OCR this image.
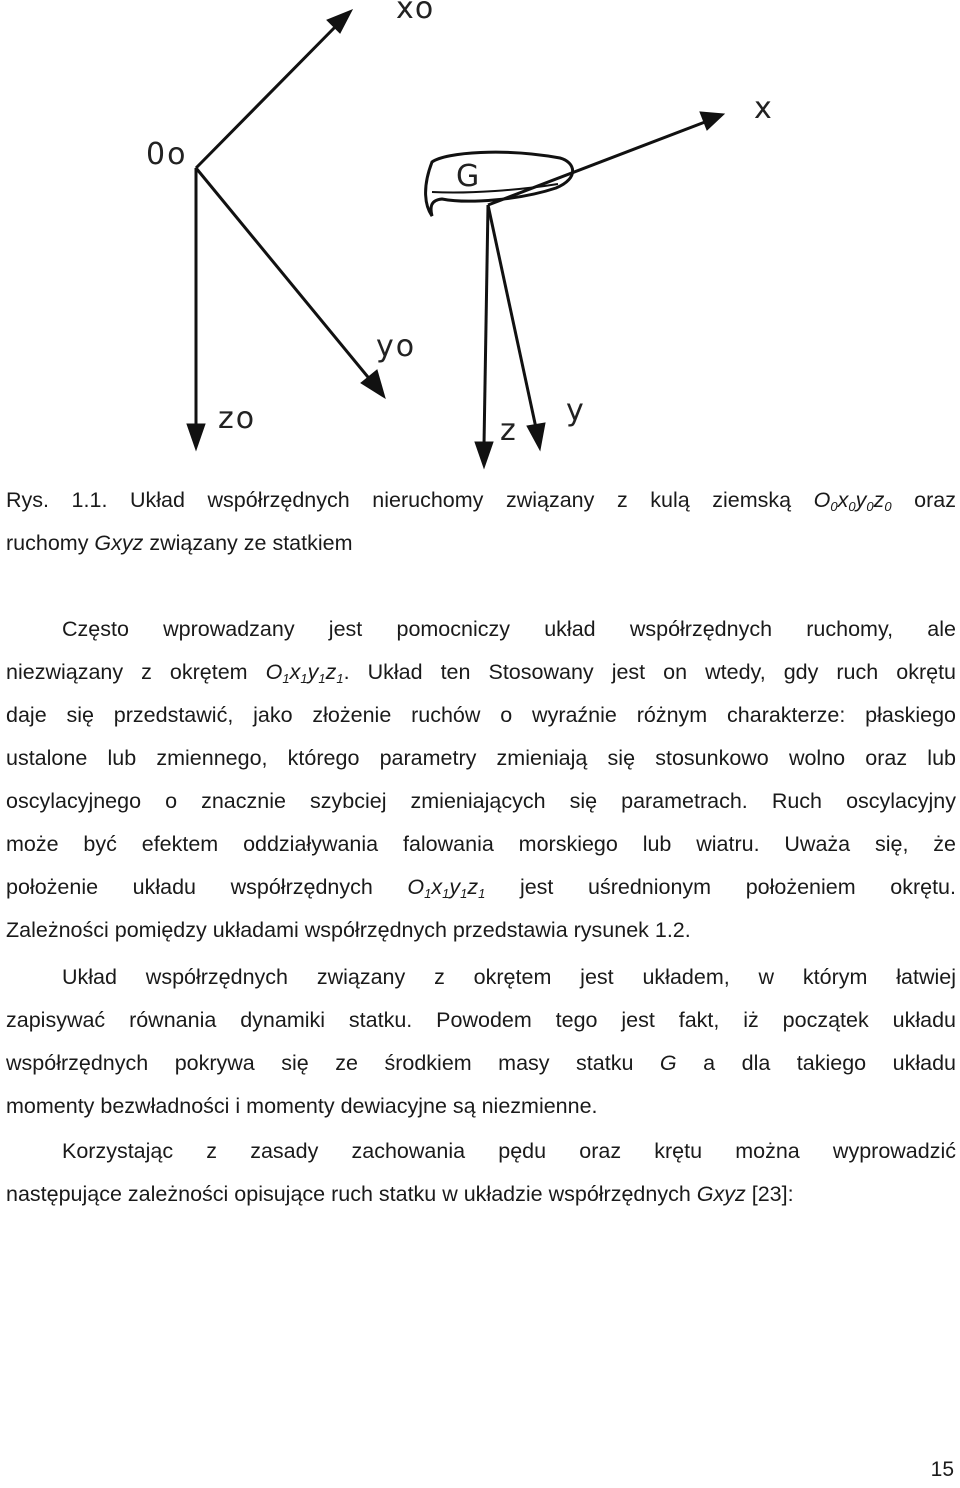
xo
0o
yo
zo
G
x
z
y
Rys. 1.1. Układ współrzędnych nieruchomy związany z kulą ziemską $O_0x_0y_0z_0$ oraz
ruchomy Gxyz związany ze statkiem
Często wprowadzany jest pomocniczy układ współrzędnych ruchomy, ale
niezwiązany z okrętem $O_1x_1y_1z_1$. Układ ten Stosowany jest on wtedy, gdy ruch okrętu
daje się przedstawić, jako złożenie ruchów o wyraźnie różnym charakterze: płaskiego
ustalone lub zmiennego, którego parametry zmieniają się stosunkowo wolno oraz lub
oscylacyjnego o znacznie szybciej zmieniających się parametrach. Ruch oscylacyjny
może być efektem oddziaływania falowania morskiego lub wiatru. Uważa się, że
położenie układu współrzędnych $O_1x_1y_1z_1$ jest uśrednionym położeniem okrętu.
Zależności pomiędzy układami współrzędnych przedstawia rysunek 1.2.
Układ współrzędnych związany z okrętem jest układem, w którym łatwiej
zapisywać równania dynamiki statku. Powodem tego jest fakt, iż początek układu
współrzędnych pokrywa się ze środkiem masy statku G a dla takiego układu
momenty bezwładności i momenty dewiacyjne są niezmienne.
Korzystając z zasady zachowania pędu oraz krętu można wyprowadzić
następujące zależności opisujące ruch statku w układzie współrzędnych Gxyz [23]:
15
